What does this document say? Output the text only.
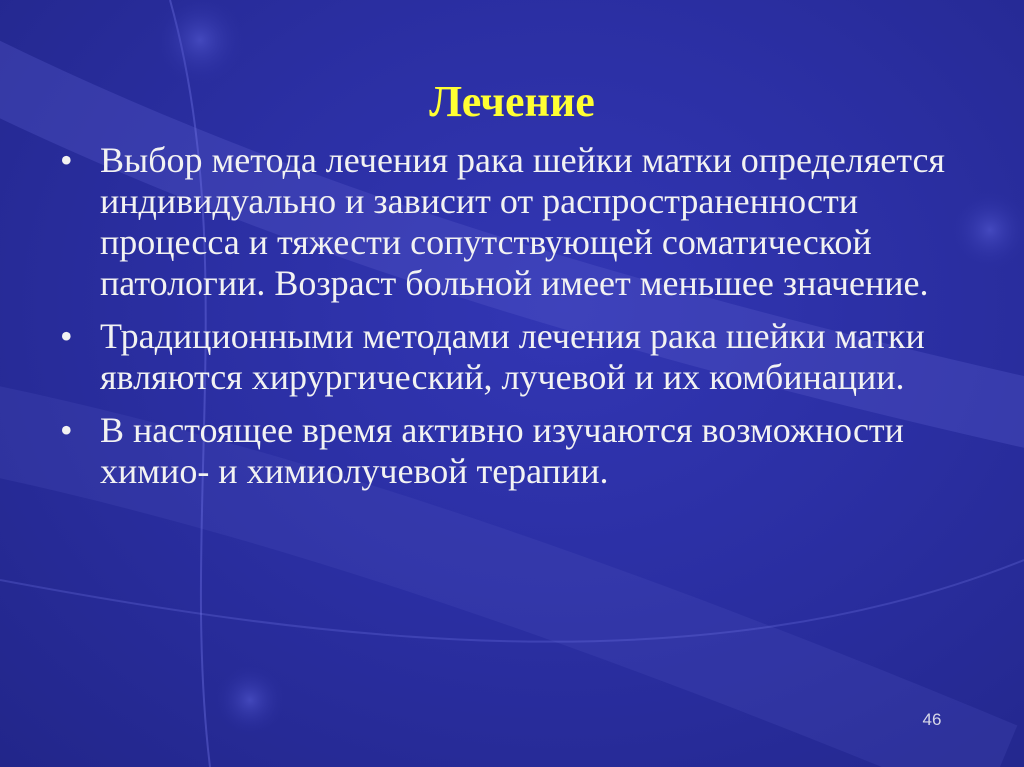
Лечение
• Выбор метода лечения рака шейки матки определяется индивидуально и зависит от распространенности процесса и тяжести сопутствующей соматической патологии. Возраст больной имеет меньшее значение.
• Традиционными методами лечения рака шейки матки являются хирургический, лучевой и их комбинации.
• В настоящее время активно изучаются возможности химио- и химиолучевой терапии.
46
